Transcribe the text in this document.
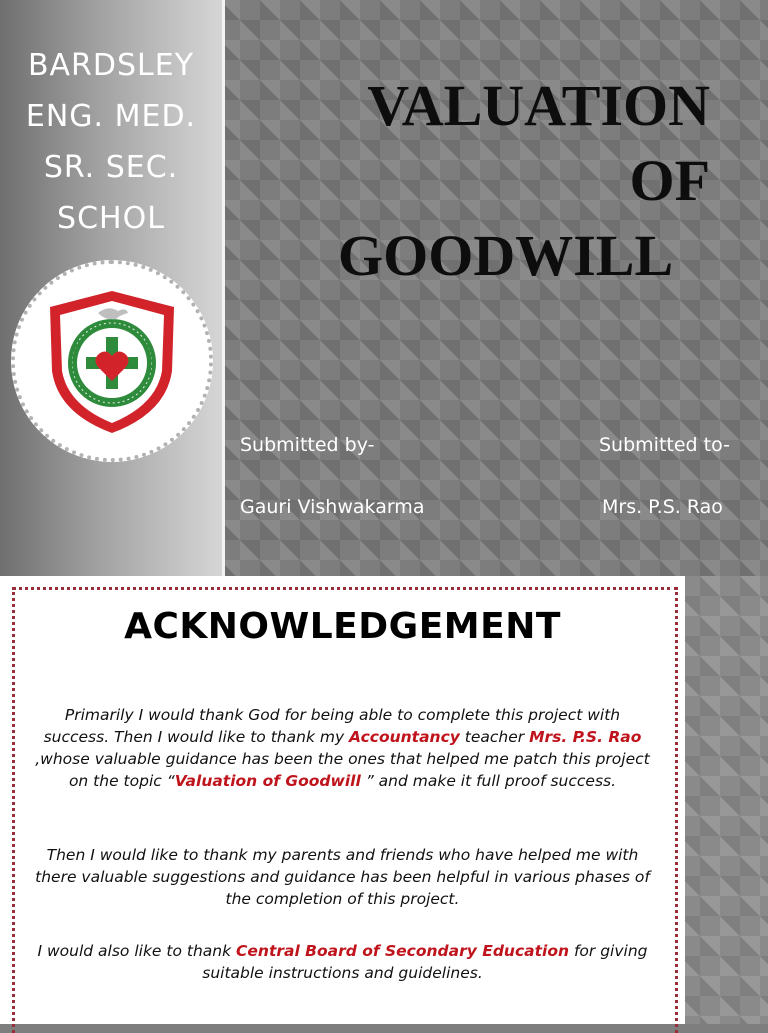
BARDSLEY
ENG. MED.
SR. SEC.
SCHOL
VALUATION
OF
GOODWILL
Submitted by-	Submitted to-
Gauri Vishwakarma	Mrs. P.S. Rao
ACKNOWLEDGEMENT
Primarily I would thank God for being able to complete this project with success. Then I would like to thank my Accountancy teacher Mrs. P.S. Rao ,whose valuable guidance has been the ones that helped me patch this project on the topic “Valuation of Goodwill ” and make it full proof success.
Then I would like to thank my parents and friends who have helped me with there valuable suggestions and guidance has been helpful in various phases of the completion of this project.
I would also like to thank Central Board of Secondary Education for giving suitable instructions and guidelines.
